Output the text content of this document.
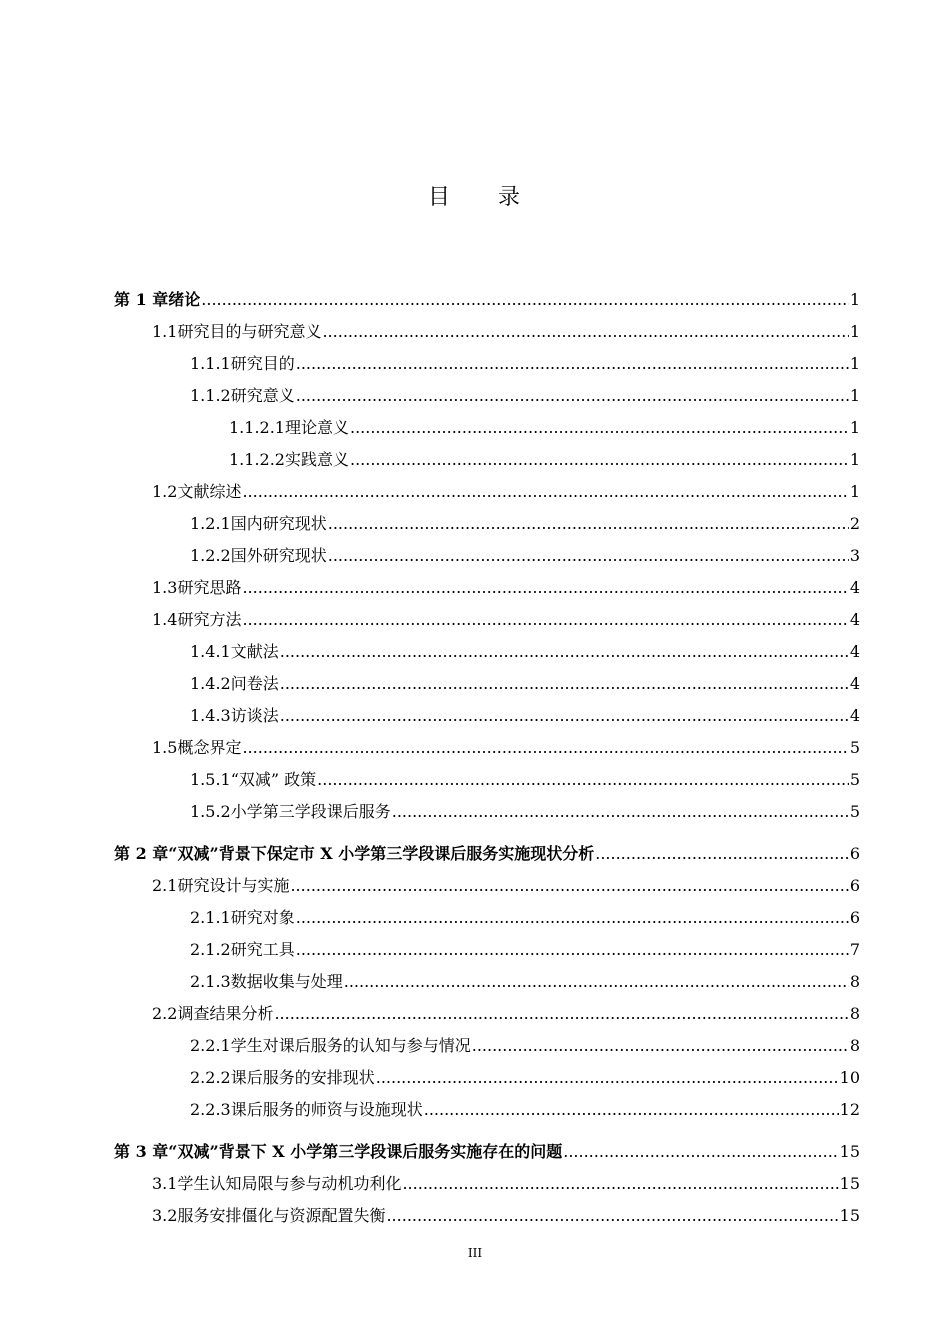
目 录
第 1 章 绪论 .....	1
1.1 研究目的与研究意义 .....	1
1.1.1 研究目的 .....	1
1.1.2 研究意义 .....	1
1.1.2.1 理论意义 .....	1
1.1.2.2 实践意义 .....	1
1.2 文献综述 .....	1
1.2.1 国内研究现状 .....	2
1.2.2 国外研究现状 .....	3
1.3 研究思路 .....	4
1.4 研究方法 .....	4
1.4.1 文献法 .....	4
1.4.2 问卷法 .....	4
1.4.3 访谈法 .....	4
1.5 概念界定 .....	5
1.5.1 “双减” 政策 .....	5
1.5.2 小学第三学段课后服务 .....	5
第 2 章 “双减”背景下保定市 X 小学第三学段课后服务实施现状分析 .....	6
2.1 研究设计与实施 .....	6
2.1.1 研究对象 .....	6
2.1.2 研究工具 .....	7
2.1.3 数据收集与处理 .....	8
2.2 调查结果分析 .....	8
2.2.1 学生对课后服务的认知与参与情况 .....	8
2.2.2 课后服务的安排现状 .....	10
2.2.3 课后服务的师资与设施现状 .....	12
第 3 章 “双减”背景下 X 小学第三学段课后服务实施存在的问题 .....	15
3.1 学生认知局限与参与动机功利化 .....	15
3.2 服务安排僵化与资源配置失衡 .....	15
III
